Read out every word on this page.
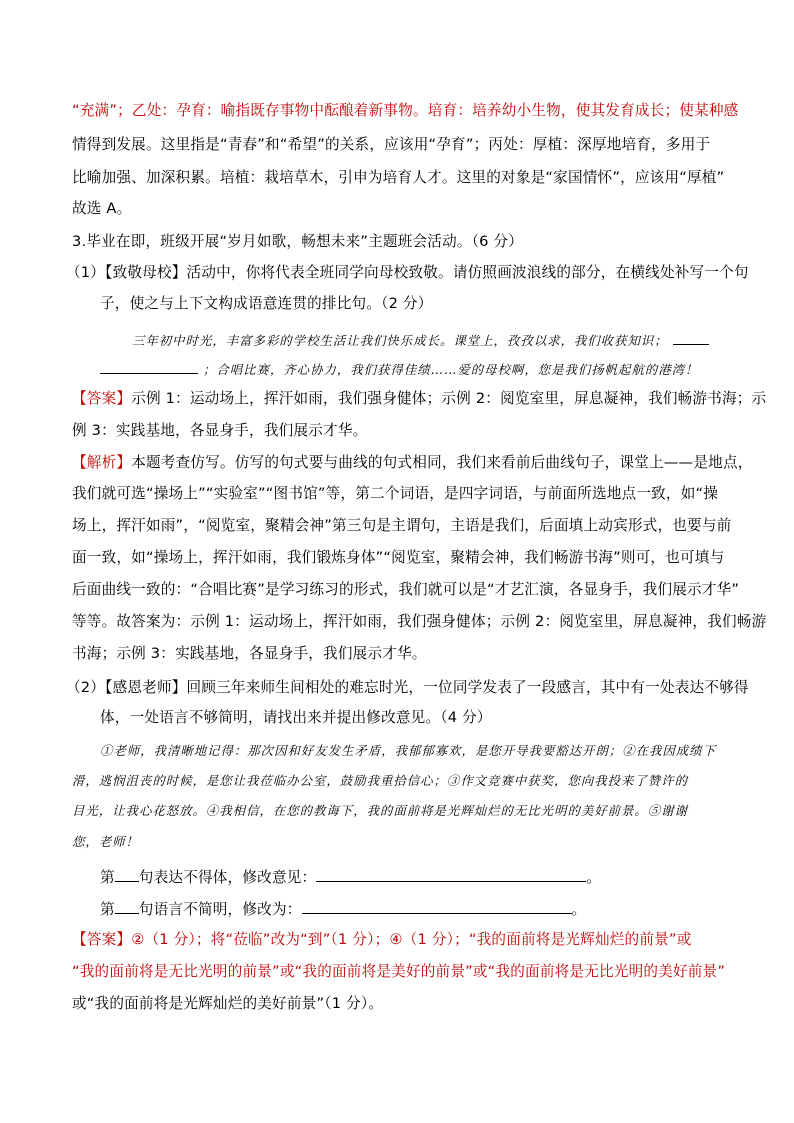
“充满”；乙处：孕育：喻指既存事物中酝酿着新事物。培育：培养幼小生物，使其发育成长；使某种感
情得到发展。这里指是“青春”和“希望”的关系，应该用“孕育”；丙处：厚植：深厚地培育，多用于
比喻加强、加深积累。培植：栽培草木，引申为培育人才。这里的对象是“家国情怀”，应该用“厚植”
故选 A。
3.毕业在即，班级开展“岁月如歌，畅想未来”主题班会活动。（6 分）
（1）【致敬母校】活动中，你将代表全班同学向母校致敬。请仿照画波浪线的部分，在横线处补写一个句
子，使之与上下文构成语意连贯的排比句。（2 分）
三年初中时光，丰富多彩的学校生活让我们快乐成长。课堂上，孜孜以求，我们收获知识；
；合唱比赛，齐心协力，我们获得佳绩……爱的母校啊，您是我们扬帆起航的港湾！
【答案】示例 1：运动场上，挥汗如雨，我们强身健体；示例 2：阅览室里，屏息凝神，我们畅游书海；示
例 3：实践基地，各显身手，我们展示才华。
【解析】本题考查仿写。仿写的句式要与曲线的句式相同，我们来看前后曲线句子，课堂上——是地点，
我们就可选“操场上”“实验室”“图书馆”等，第二个词语，是四字词语，与前面所选地点一致，如“操
场上，挥汗如雨”，“阅览室，聚精会神”第三句是主谓句，主语是我们，后面填上动宾形式，也要与前
面一致，如“操场上，挥汗如雨，我们锻炼身体”“阅览室，聚精会神，我们畅游书海”则可，也可填与
后面曲线一致的：“合唱比赛”是学习练习的形式，我们就可以是“才艺汇演，各显身手，我们展示才华”
等等。故答案为：示例 1：运动场上，挥汗如雨，我们强身健体；示例 2：阅览室里，屏息凝神，我们畅游
书海；示例 3：实践基地，各显身手，我们展示才华。
（2）【感恩老师】回顾三年来师生间相处的难忘时光，一位同学发表了一段感言，其中有一处表达不够得
体，一处语言不够简明，请找出来并提出修改意见。（4 分）
①老师，我清晰地记得：那次因和好友发生矛盾，我郁郁寡欢，是您开导我要豁达开朗；②在我因成绩下
滑，逃悯沮丧的时候，是您让我莅临办公室，鼓励我重拾信心；③作文竞赛中获奖，您向我投来了赞许的
目光，让我心花怒放。④我相信，在您的教诲下，我的面前将是光辉灿烂的无比光明的美好前景。⑤谢谢
您，老师！
第 句表达不得体，修改意见：	。
第 句语言不简明，修改为：	。
【答案】②（1 分）；将“莅临”改为“到”（1 分）；④（1 分）；“我的面前将是光辉灿烂的前景”或
“我的面前将是无比光明的前景”或“我的面前将是美好的前景”或“我的面前将是无比光明的美好前景”
或“我的面前将是光辉灿烂的美好前景”（1 分）。
